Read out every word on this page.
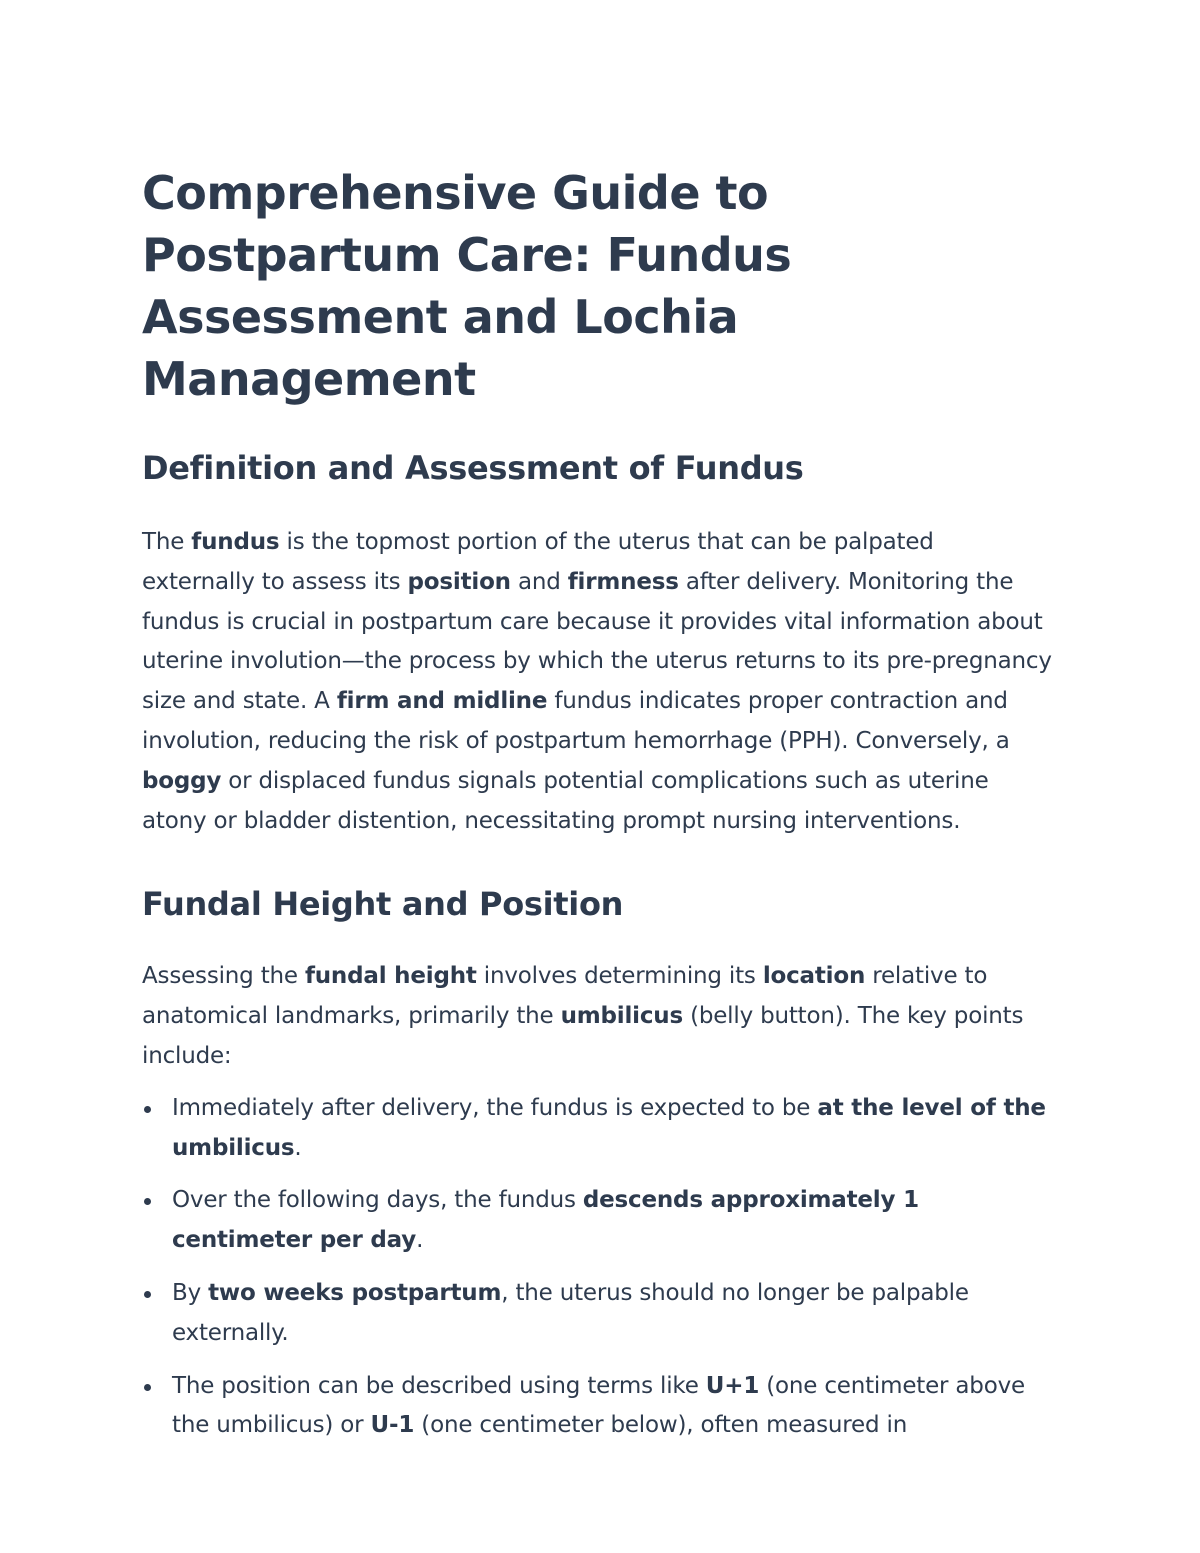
Comprehensive Guide to Postpartum Care: Fundus Assessment and Lochia Management
Definition and Assessment of Fundus

The fundus is the topmost portion of the uterus that can be palpated externally to assess its position and firmness after delivery. Monitoring the fundus is crucial in postpartum care because it provides vital information about uterine involution—the process by which the uterus returns to its pre-pregnancy size and state. A firm and midline fundus indicates proper contraction and involution, reducing the risk of postpartum hemorrhage (PPH). Conversely, a boggy or displaced fundus signals potential complications such as uterine atony or bladder distention, necessitating prompt nursing interventions.

Fundal Height and Position

Assessing the fundal height involves determining its location relative to anatomical landmarks, primarily the umbilicus (belly button). The key points include:

Immediately after delivery, the fundus is expected to be at the level of the umbilicus.
Over the following days, the fundus descends approximately 1 centimeter per day.
By two weeks postpartum, the uterus should no longer be palpable externally.
The position can be described using terms like U+1 (one centimeter above the umbilicus) or U-1 (one centimeter below), often measured in
